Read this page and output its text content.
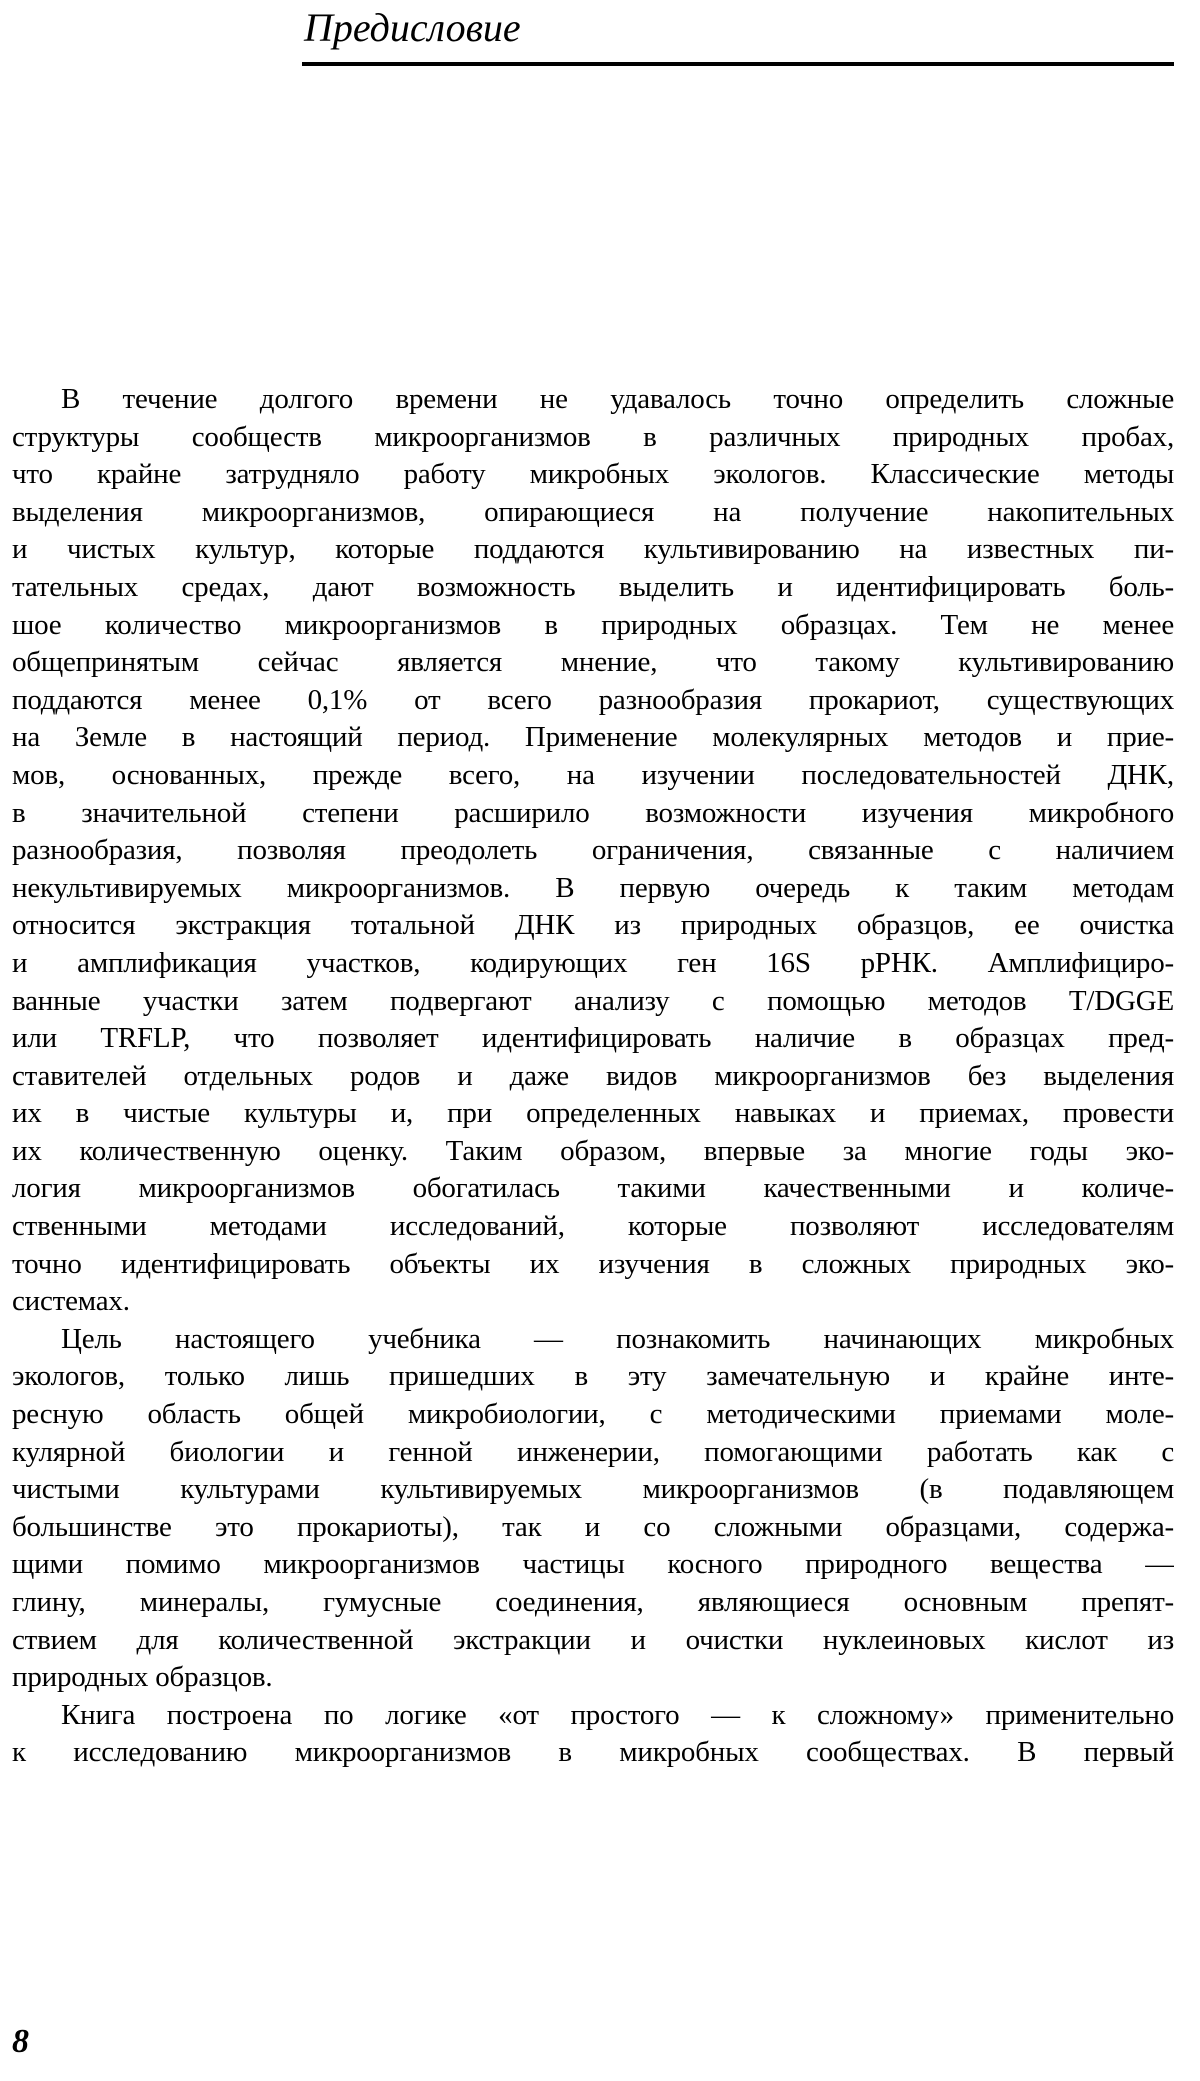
Предисловие
В течение долгого времени не удавалось точно определить сложные
структуры сообществ микроорганизмов в различных природных пробах,
что крайне затрудняло работу микробных экологов. Классические методы
выделения микроорганизмов, опирающиеся на получение накопительных
и чистых культур, которые поддаются культивированию на известных пи-
тательных средах, дают возможность выделить и идентифицировать боль-
шое количество микроорганизмов в природных образцах. Тем не менее
общепринятым сейчас является мнение, что такому культивированию
поддаются менее 0,1% от всего разнообразия прокариот, существующих
на Земле в настоящий период. Применение молекулярных методов и прие-
мов, основанных, прежде всего, на изучении последовательностей ДНК,
в значительной степени расширило возможности изучения микробного
разнообразия, позволяя преодолеть ограничения, связанные с наличием
некультивируемых микроорганизмов. В первую очередь к таким методам
относится экстракция тотальной ДНК из природных образцов, ее очистка
и амплификация участков, кодирующих ген 16S рРНК. Амплифициро-
ванные участки затем подвергают анализу с помощью методов T/DGGE
или TRFLP, что позволяет идентифицировать наличие в образцах пред-
ставителей отдельных родов и даже видов микроорганизмов без выделения
их в чистые культуры и, при определенных навыках и приемах, провести
их количественную оценку. Таким образом, впервые за многие годы эко-
логия микроорганизмов обогатилась такими качественными и количе-
ственными методами исследований, которые позволяют исследователям
точно идентифицировать объекты их изучения в сложных природных эко-
системах.
Цель настоящего учебника — познакомить начинающих микробных
экологов, только лишь пришедших в эту замечательную и крайне инте-
ресную область общей микробиологии, с методическими приемами моле-
кулярной биологии и генной инженерии, помогающими работать как с
чистыми культурами культивируемых микроорганизмов (в подавляющем
большинстве это прокариоты), так и со сложными образцами, содержа-
щими помимо микроорганизмов частицы косного природного вещества —
глину, минералы, гумусные соединения, являющиеся основным препят-
ствием для количественной экстракции и очистки нуклеиновых кислот из
природных образцов.
Книга построена по логике «от простого — к сложному» применительно
к исследованию микроорганизмов в микробных сообществах. В первый
8
